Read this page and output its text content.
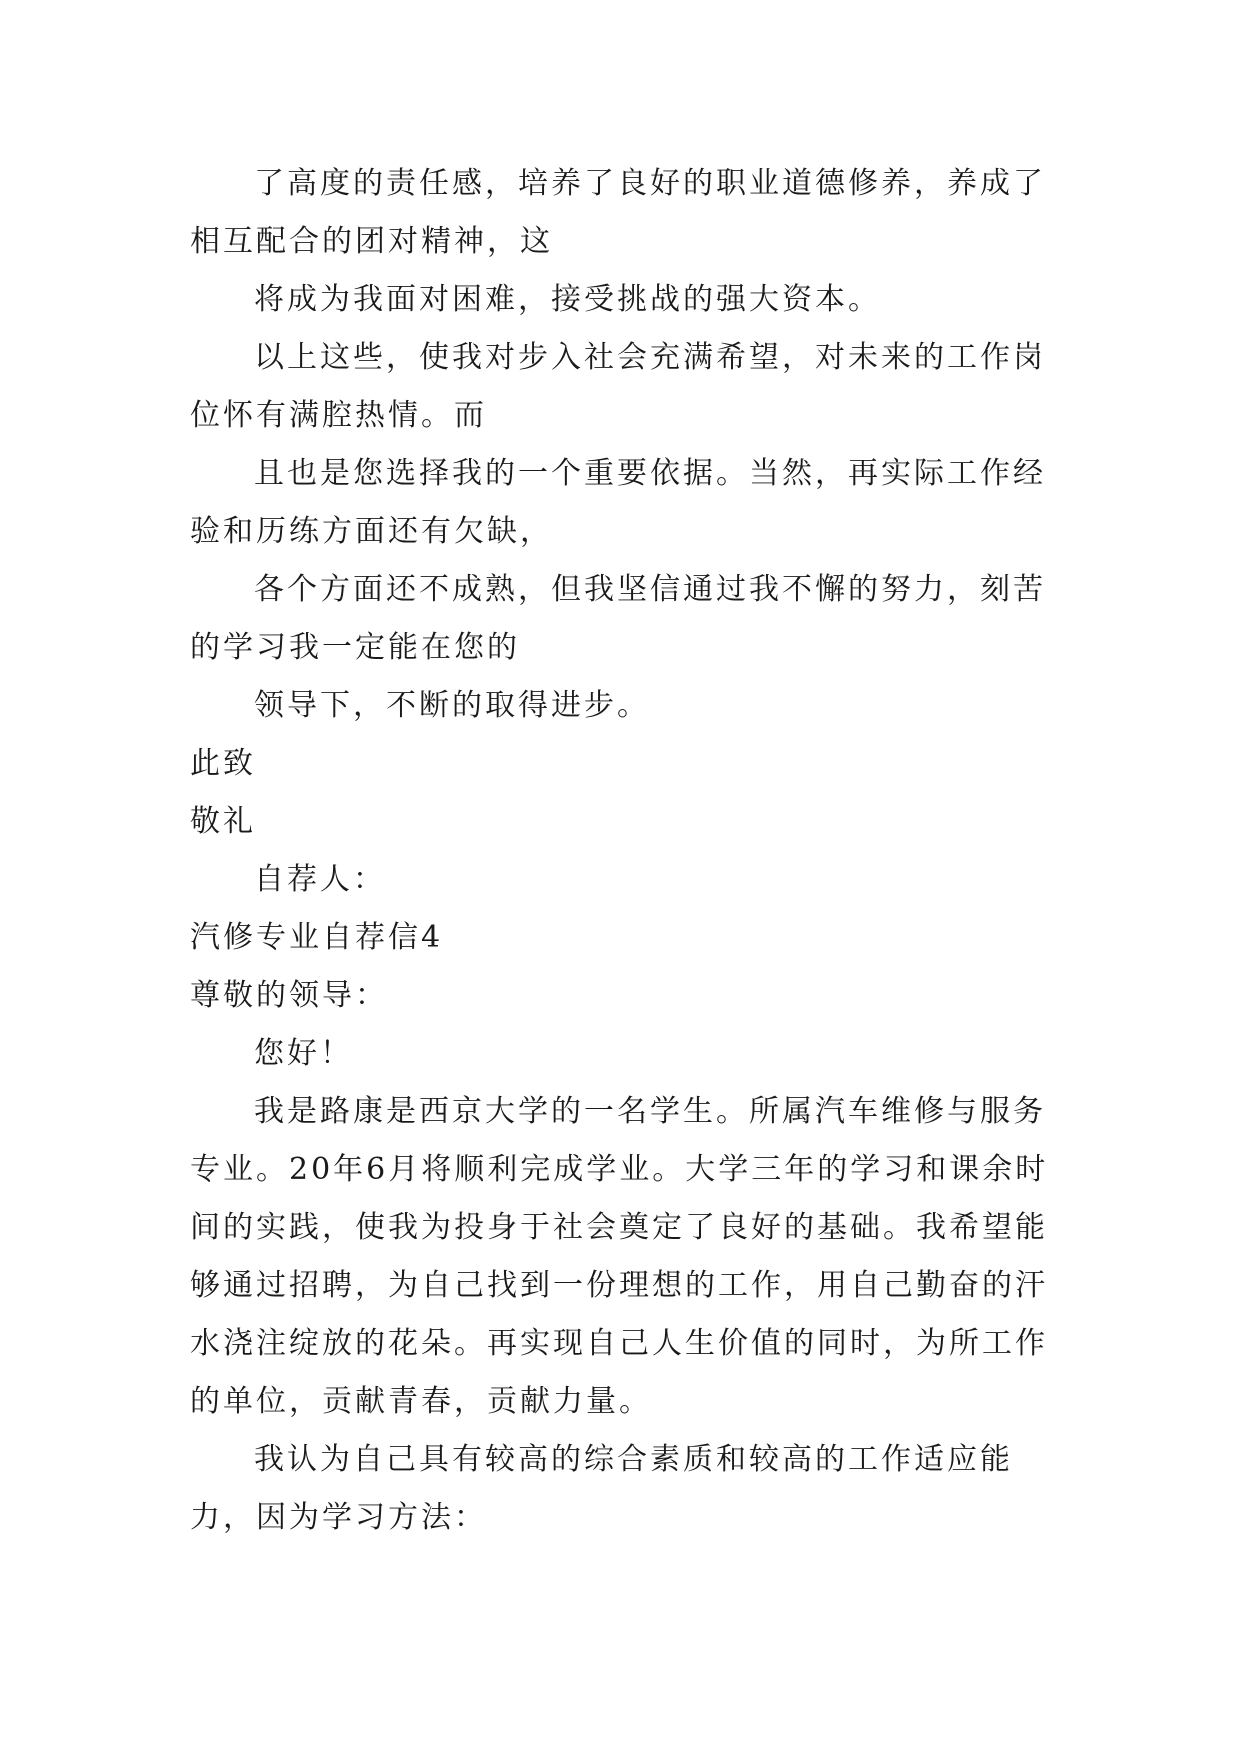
了高度的责任感，培养了良好的职业道德修养，养成了相互配合的团对精神，这

将成为我面对困难，接受挑战的强大资本。

以上这些，使我对步入社会充满希望，对未来的工作岗位怀有满腔热情。而

且也是您选择我的一个重要依据。当然，再实际工作经验和历练方面还有欠缺，

各个方面还不成熟，但我坚信通过我不懈的努力，刻苦的学习我一定能在您的

领导下，不断的取得进步。

此致

敬礼

自荐人：

汽修专业自荐信4

尊敬的领导：

您好！

我是路康是西京大学的一名学生。所属汽车维修与服务专业。20年6月将顺利完成学业。大学三年的学习和课余时间的实践，使我为投身于社会奠定了良好的基础。我希望能够通过招聘，为自己找到一份理想的工作，用自己勤奋的汗水浇注绽放的花朵。再实现自己人生价值的同时，为所工作的单位，贡献青春，贡献力量。

我认为自己具有较高的综合素质和较高的工作适应能力，因为学习方法：
